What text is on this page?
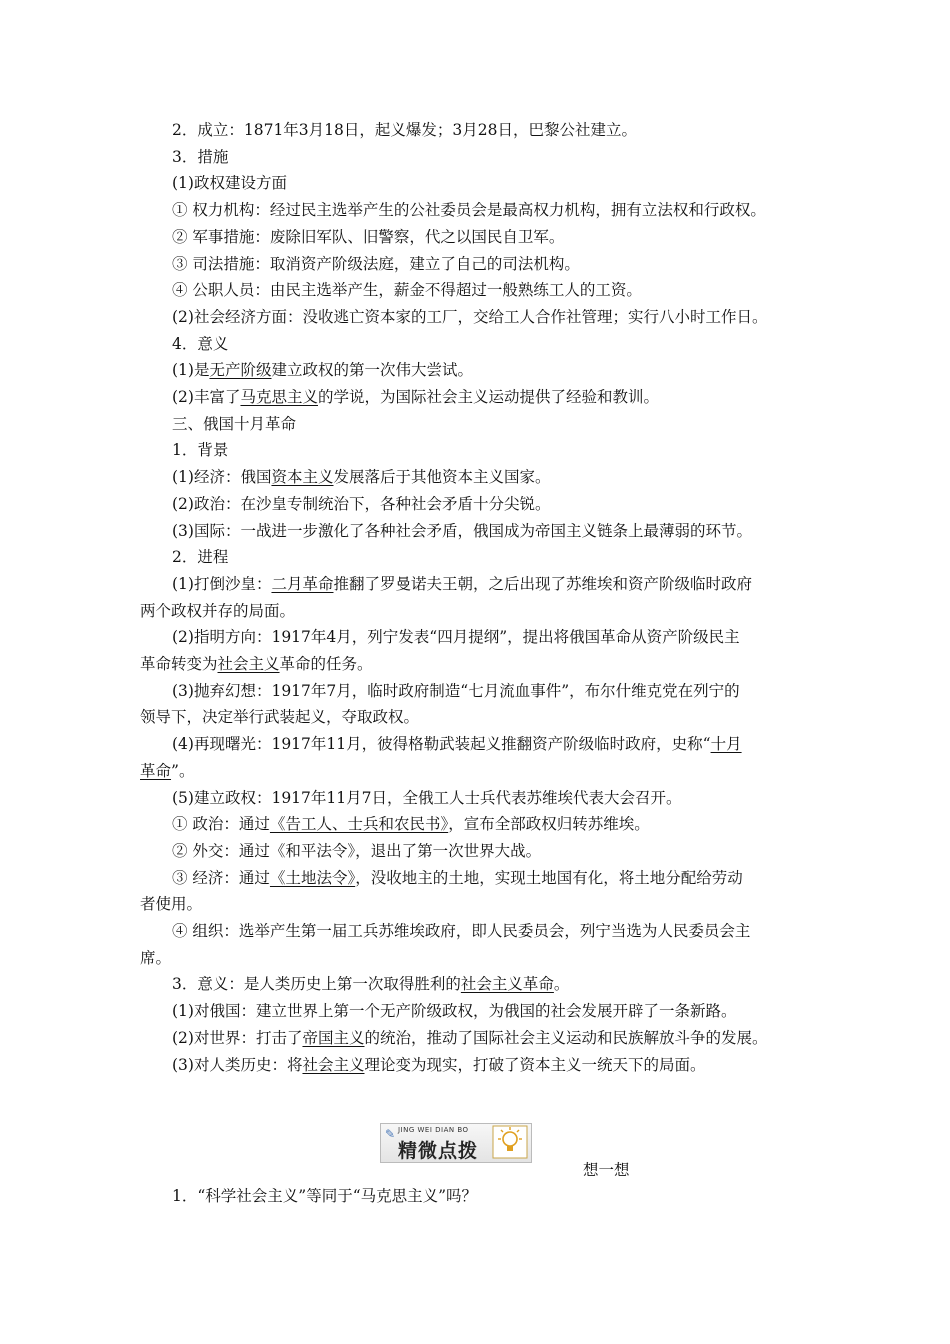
2．成立：1871年3月18日，起义爆发；3月28日，巴黎公社建立。
3．措施
(1)政权建设方面
① 权力机构：经过民主选举产生的公社委员会是最高权力机构，拥有立法权和行政权。
② 军事措施：废除旧军队、旧警察，代之以国民自卫军。
③ 司法措施：取消资产阶级法庭，建立了自己的司法机构。
④ 公职人员：由民主选举产生，薪金不得超过一般熟练工人的工资。
(2)社会经济方面：没收逃亡资本家的工厂，交给工人合作社管理；实行八小时工作日。
4．意义
(1)是无产阶级建立政权的第一次伟大尝试。
(2)丰富了马克思主义的学说，为国际社会主义运动提供了经验和教训。
三、俄国十月革命
1．背景
(1)经济：俄国资本主义发展落后于其他资本主义国家。
(2)政治：在沙皇专制统治下，各种社会矛盾十分尖锐。
(3)国际：一战进一步激化了各种社会矛盾，俄国成为帝国主义链条上最薄弱的环节。
2．进程
(1)打倒沙皇：二月革命推翻了罗曼诺夫王朝，之后出现了苏维埃和资产阶级临时政府
两个政权并存的局面。
(2)指明方向：1917年4月，列宁发表“四月提纲”，提出将俄国革命从资产阶级民主
革命转变为社会主义革命的任务。
(3)抛弃幻想：1917年7月，临时政府制造“七月流血事件”，布尔什维克党在列宁的
领导下，决定举行武装起义，夺取政权。
(4)再现曙光：1917年11月，彼得格勒武装起义推翻资产阶级临时政府，史称“十月
革命”。
(5)建立政权：1917年11月7日，全俄工人士兵代表苏维埃代表大会召开。
① 政治：通过《告工人、士兵和农民书》，宣布全部政权归转苏维埃。
② 外交：通过《和平法令》，退出了第一次世界大战。
③ 经济：通过《土地法令》，没收地主的土地，实现土地国有化，将土地分配给劳动
者使用。
④ 组织：选举产生第一届工兵苏维埃政府，即人民委员会，列宁当选为人民委员会主
席。
3．意义：是人类历史上第一次取得胜利的社会主义革命。
(1)对俄国：建立世界上第一个无产阶级政权，为俄国的社会发展开辟了一条新路。
(2)对世界：打击了帝国主义的统治，推动了国际社会主义运动和民族解放斗争的发展。
(3)对人类历史：将社会主义理论变为现实，打破了资本主义一统天下的局面。
✎ JING WEI DIAN BO
精微点拨
想一想
1．“科学社会主义”等同于“马克思主义”吗？
